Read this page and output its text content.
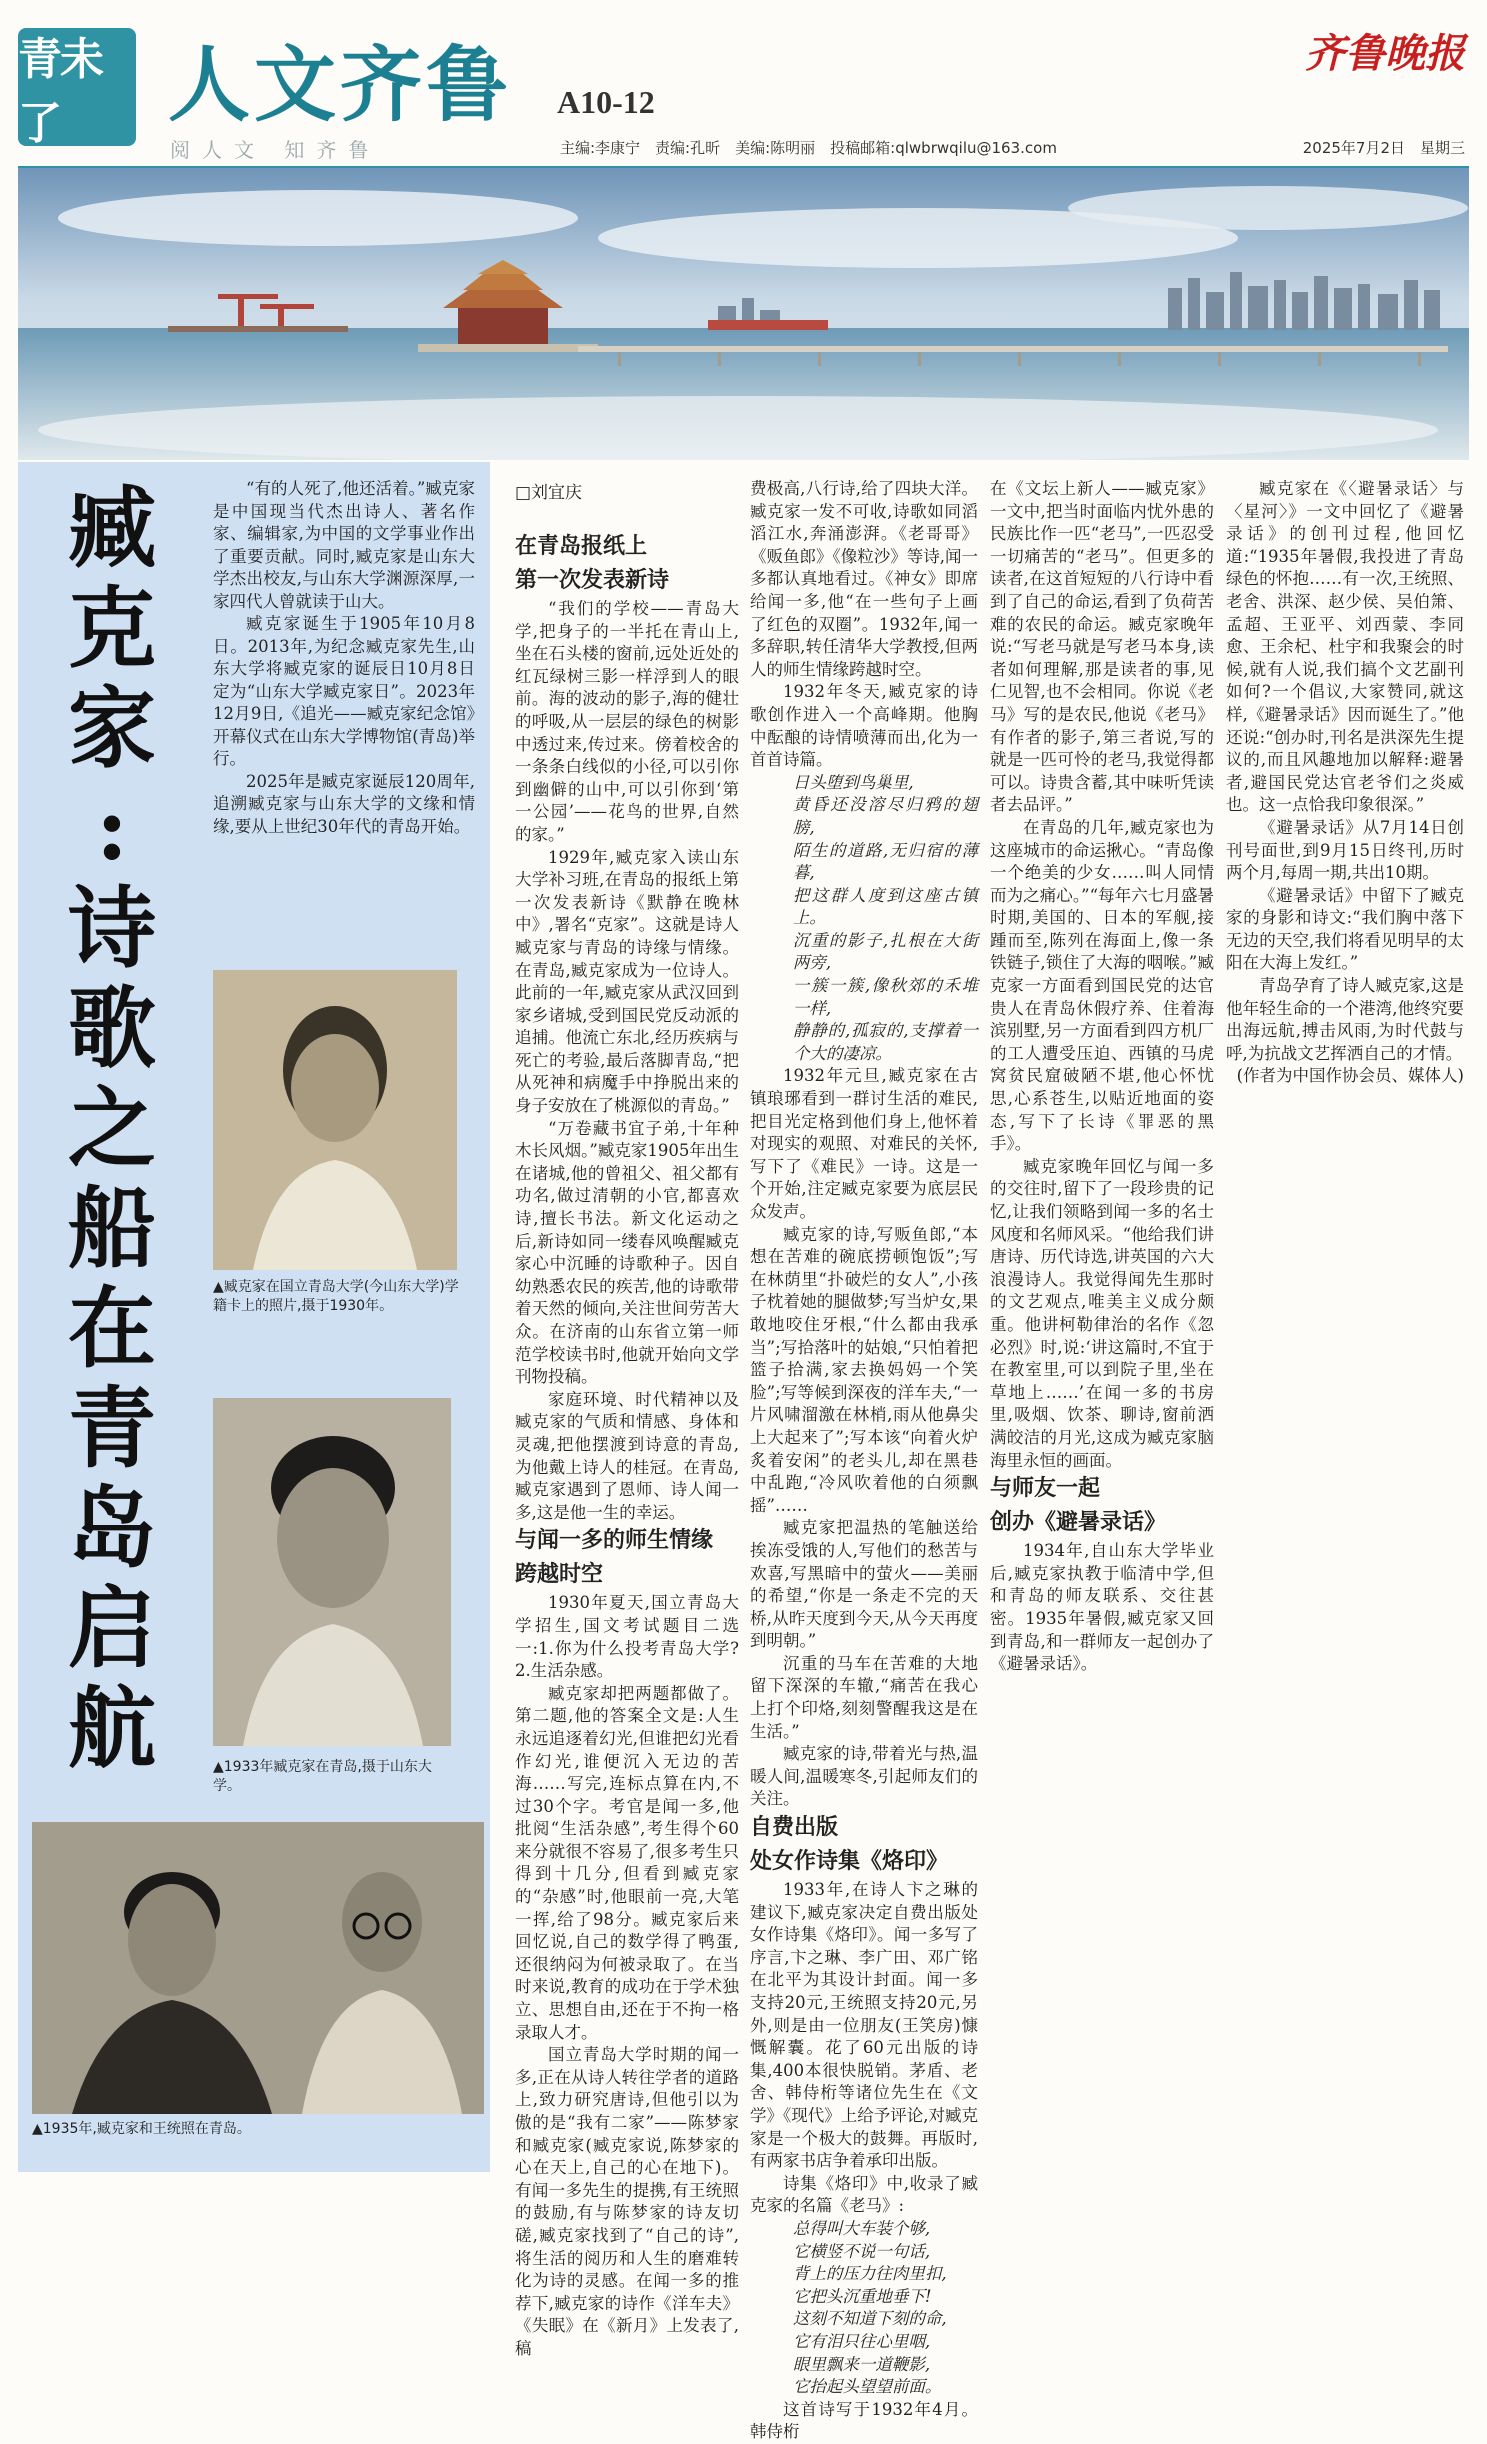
青未了	人文齐鲁 A10-12
齐鲁晚报
阅人文 知齐鲁	主编:李康宁　责编:孔昕　美编:陈明丽　投稿邮箱:qlwbrwqilu@163.com	2025年7月2日　星期三
臧
克
家
:
诗
歌
之
船
在
青
岛
启
航

“有的人死了,他还活着。”臧克家是中国现当代杰出诗人、著名作家、编辑家,为中国的文学事业作出了重要贡献。同时,臧克家是山东大学杰出校友,与山东大学渊源深厚,一家四代人曾就读于山大。

臧克家诞生于1905年10月8日。2013年,为纪念臧克家先生,山东大学将臧克家的诞辰日10月8日定为“山东大学臧克家日”。2023年12月9日,《追光——臧克家纪念馆》开幕仪式在山东大学博物馆(青岛)举行。

2025年是臧克家诞辰120周年,追溯臧克家与山东大学的文缘和情缘,要从上世纪30年代的青岛开始。

▲臧克家在国立青岛大学(今山东大学)学籍卡上的照片,摄于1930年。
▲1933年臧克家在青岛,摄于山东大学。
▲1935年,臧克家和王统照在青岛。
□刘宜庆

在青岛报纸上

第一次发表新诗

“我们的学校——青岛大学,把身子的一半托在青山上,坐在石头楼的窗前,远处近处的红瓦绿树三影一样浮到人的眼前。海的波动的影子,海的健壮的呼吸,从一层层的绿色的树影中透过来,传过来。傍着校舍的一条条白线似的小径,可以引你到幽僻的山中,可以引你到‘第一公园’——花鸟的世界,自然的家。”

1929年,臧克家入读山东大学补习班,在青岛的报纸上第一次发表新诗《默静在晚林中》,署名“克家”。这就是诗人臧克家与青岛的诗缘与情缘。在青岛,臧克家成为一位诗人。此前的一年,臧克家从武汉回到家乡诸城,受到国民党反动派的追捕。他流亡东北,经历疾病与死亡的考验,最后落脚青岛,“把从死神和病魔手中挣脱出来的身子安放在了桃源似的青岛。”

“万卷藏书宜子弟,十年种木长风烟。”臧克家1905年出生在诸城,他的曾祖父、祖父都有功名,做过清朝的小官,都喜欢诗,擅长书法。新文化运动之后,新诗如同一缕春风唤醒臧克家心中沉睡的诗歌种子。因自幼熟悉农民的疾苦,他的诗歌带着天然的倾向,关注世间劳苦大众。在济南的山东省立第一师范学校读书时,他就开始向文学刊物投稿。

家庭环境、时代精神以及臧克家的气质和情感、身体和灵魂,把他摆渡到诗意的青岛,为他戴上诗人的桂冠。在青岛,臧克家遇到了恩师、诗人闻一多,这是他一生的幸运。

与闻一多的师生情缘

跨越时空

1930年夏天,国立青岛大学招生,国文考试题目二选一:1.你为什么投考青岛大学?2.生活杂感。

臧克家却把两题都做了。第二题,他的答案全文是:人生永远追逐着幻光,但谁把幻光看作幻光,谁便沉入无边的苦海……写完,连标点算在内,不过30个字。考官是闻一多,他批阅“生活杂感”,考生得个60来分就很不容易了,很多考生只得到十几分,但看到臧克家的“杂感”时,他眼前一亮,大笔一挥,给了98分。臧克家后来回忆说,自己的数学得了鸭蛋,还很纳闷为何被录取了。在当时来说,教育的成功在于学术独立、思想自由,还在于不拘一格录取人才。

国立青岛大学时期的闻一多,正在从诗人转往学者的道路上,致力研究唐诗,但他引以为傲的是“我有二家”——陈梦家和臧克家(臧克家说,陈梦家的心在天上,自己的心在地下)。有闻一多先生的提携,有王统照的鼓励,有与陈梦家的诗友切磋,臧克家找到了“自己的诗”,将生活的阅历和人生的磨难转化为诗的灵感。在闻一多的推荐下,臧克家的诗作《洋车夫》《失眠》在《新月》上发表了,稿

费极高,八行诗,给了四块大洋。臧克家一发不可收,诗歌如同滔滔江水,奔涌澎湃。《老哥哥》《贩鱼郎》《像粒沙》等诗,闻一多都认真地看过。《神女》即席给闻一多,他“在一些句子上画了红色的双圈”。1932年,闻一多辞职,转任清华大学教授,但两人的师生情缘跨越时空。

1932年冬天,臧克家的诗歌创作进入一个高峰期。他胸中酝酿的诗情喷薄而出,化为一首首诗篇。

日头堕到鸟巢里,

黄昏还没溶尽归鸦的翅膀,

陌生的道路,无归宿的薄暮,

把这群人度到这座古镇上。

沉重的影子,扎根在大街两旁,

一簇一簇,像秋郊的禾堆一样,

静静的,孤寂的,支撑着一个大的凄凉。

1932年元旦,臧克家在古镇琅琊看到一群讨生活的难民,把目光定格到他们身上,他怀着对现实的观照、对难民的关怀,写下了《难民》一诗。这是一个开始,注定臧克家要为底层民众发声。

臧克家的诗,写贩鱼郎,“本想在苦难的碗底捞顿饱饭”;写在林荫里“扑破烂的女人”,小孩子枕着她的腿做梦;写当炉女,果敢地咬住牙根,“什么都由我承当”;写拾落叶的姑娘,“只怕着把篮子拾满,家去换妈妈一个笑脸”;写等候到深夜的洋车夫,“一片风啸溜激在林梢,雨从他鼻尖上大起来了”;写本该“向着火炉炙着安闲”的老头儿,却在黑巷中乱跑,“冷风吹着他的白须飘摇”……

臧克家把温热的笔触送给挨冻受饿的人,写他们的愁苦与欢喜,写黑暗中的萤火——美丽的希望,“你是一条走不完的天桥,从昨天度到今天,从今天再度到明朝。”

沉重的马车在苦难的大地留下深深的车辙,“痛苦在我心上打个印烙,刻刻警醒我这是在生活。”

臧克家的诗,带着光与热,温暖人间,温暖寒冬,引起师友们的关注。

自费出版

处女作诗集《烙印》

1933年,在诗人卞之琳的建议下,臧克家决定自费出版处女作诗集《烙印》。闻一多写了序言,卞之琳、李广田、邓广铭在北平为其设计封面。闻一多支持20元,王统照支持20元,另外,则是由一位朋友(王笑房)慷慨解囊。花了60元出版的诗集,400本很快脱销。茅盾、老舍、韩侍桁等诸位先生在《文学》《现代》上给予评论,对臧克家是一个极大的鼓舞。再版时,有两家书店争着承印出版。

诗集《烙印》中,收录了臧克家的名篇《老马》:

总得叫大车装个够,

它横竖不说一句话,

背上的压力往肉里扣,

它把头沉重地垂下!

这刻不知道下刻的命,

它有泪只往心里咽,

眼里飘来一道鞭影,

它抬起头望望前面。

这首诗写于1932年4月。韩侍桁

在《文坛上新人——臧克家》一文中,把当时面临内忧外患的民族比作一匹“老马”,一匹忍受一切痛苦的“老马”。但更多的读者,在这首短短的八行诗中看到了自己的命运,看到了负荷苦难的农民的命运。臧克家晚年说:“写老马就是写老马本身,读者如何理解,那是读者的事,见仁见智,也不会相同。你说《老马》写的是农民,他说《老马》有作者的影子,第三者说,写的就是一匹可怜的老马,我觉得都可以。诗贵含蓄,其中味听凭读者去品评。”

在青岛的几年,臧克家也为这座城市的命运揪心。“青岛像一个绝美的少女……叫人同情而为之痛心。”“每年六七月盛暑时期,美国的、日本的军舰,接踵而至,陈列在海面上,像一条铁链子,锁住了大海的咽喉。”臧克家一方面看到国民党的达官贵人在青岛休假疗养、住着海滨别墅,另一方面看到四方机厂的工人遭受压迫、西镇的马虎窝贫民窟破陋不堪,他心怀忧思,心系苍生,以贴近地面的姿态,写下了长诗《罪恶的黑手》。

臧克家晚年回忆与闻一多的交往时,留下了一段珍贵的记忆,让我们领略到闻一多的名士风度和名师风采。“他给我们讲唐诗、历代诗选,讲英国的六大浪漫诗人。我觉得闻先生那时的文艺观点,唯美主义成分颇重。他讲柯勒律治的名作《忽必烈》时,说:‘讲这篇时,不宜于在教室里,可以到院子里,坐在草地上……’在闻一多的书房里,吸烟、饮茶、聊诗,窗前洒满皎洁的月光,这成为臧克家脑海里永恒的画面。

与师友一起

创办《避暑录话》

1934年,自山东大学毕业后,臧克家执教于临清中学,但和青岛的师友联系、交往甚密。1935年暑假,臧克家又回到青岛,和一群师友一起创办了《避暑录话》。

臧克家在《〈避暑录话〉与〈星河〉》一文中回忆了《避暑录话》的创刊过程,他回忆道:“1935年暑假,我投进了青岛绿色的怀抱……有一次,王统照、老舍、洪深、赵少侯、吴伯箫、孟超、王亚平、刘西蒙、李同愈、王余杞、杜宇和我聚会的时候,就有人说,我们搞个文艺副刊如何?一个倡议,大家赞同,就这样,《避暑录话》因而诞生了。”他还说:“创办时,刊名是洪深先生提议的,而且风趣地加以解释:避暑者,避国民党达官老爷们之炎威也。这一点恰我印象很深。”

《避暑录话》从7月14日创刊号面世,到9月15日终刊,历时两个月,每周一期,共出10期。

《避暑录话》中留下了臧克家的身影和诗文:“我们胸中落下无边的天空,我们将看见明早的太阳在大海上发红。”

青岛孕育了诗人臧克家,这是他年轻生命的一个港湾,他终究要出海远航,搏击风雨,为时代鼓与呼,为抗战文艺挥洒自己的才情。

(作者为中国作协会员、媒体人)
